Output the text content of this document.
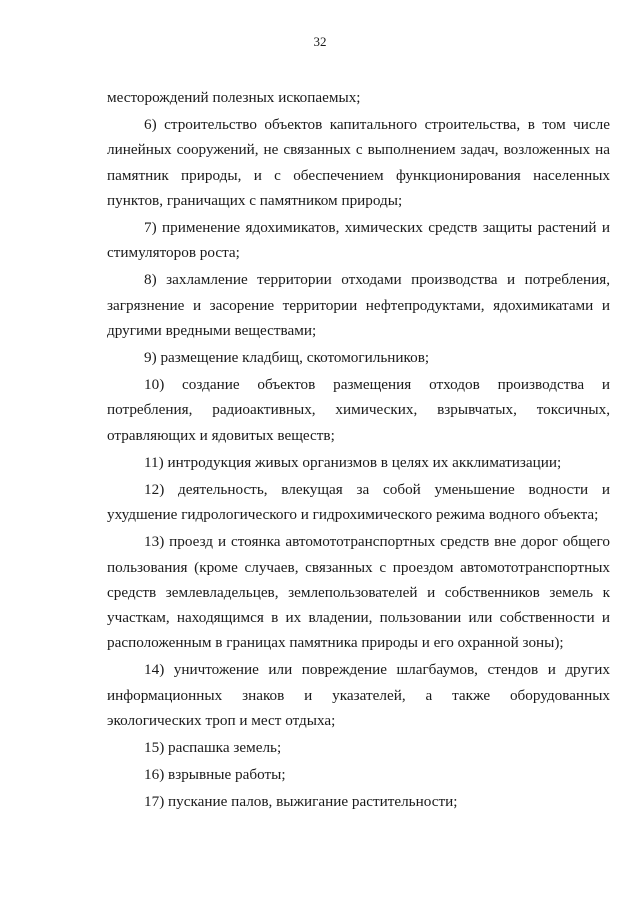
32

месторождений полезных ископаемых;

6) строительство объектов капитального строительства, в том числе линейных сооружений, не связанных с выполнением задач, возложенных на памятник природы, и с обеспечением функционирования населенных пунктов, граничащих с памятником природы;

7) применение ядохимикатов, химических средств защиты растений и стимуляторов роста;

8) захламление территории отходами производства и потребления, загрязнение и засорение территории нефтепродуктами, ядохимикатами и другими вредными веществами;

9) размещение кладбищ, скотомогильников;

10) создание объектов размещения отходов производства и потребления, радиоактивных, химических, взрывчатых, токсичных, отравляющих и ядовитых веществ;

11) интродукция живых организмов в целях их акклиматизации;

12) деятельность, влекущая за собой уменьшение водности и ухудшение гидрологического и гидрохимического режима водного объекта;

13) проезд и стоянка автомототранспортных средств вне дорог общего пользования (кроме случаев, связанных с проездом автомототранспортных средств землевладельцев, землепользователей и собственников земель к участкам, находящимся в их владении, пользовании или собственности и расположенным в границах памятника природы и его охранной зоны);

14) уничтожение или повреждение шлагбаумов, стендов и других информационных знаков и указателей, а также оборудованных экологических троп и мест отдыха;

15) распашка земель;

16) взрывные работы;

17) пускание палов, выжигание растительности;
